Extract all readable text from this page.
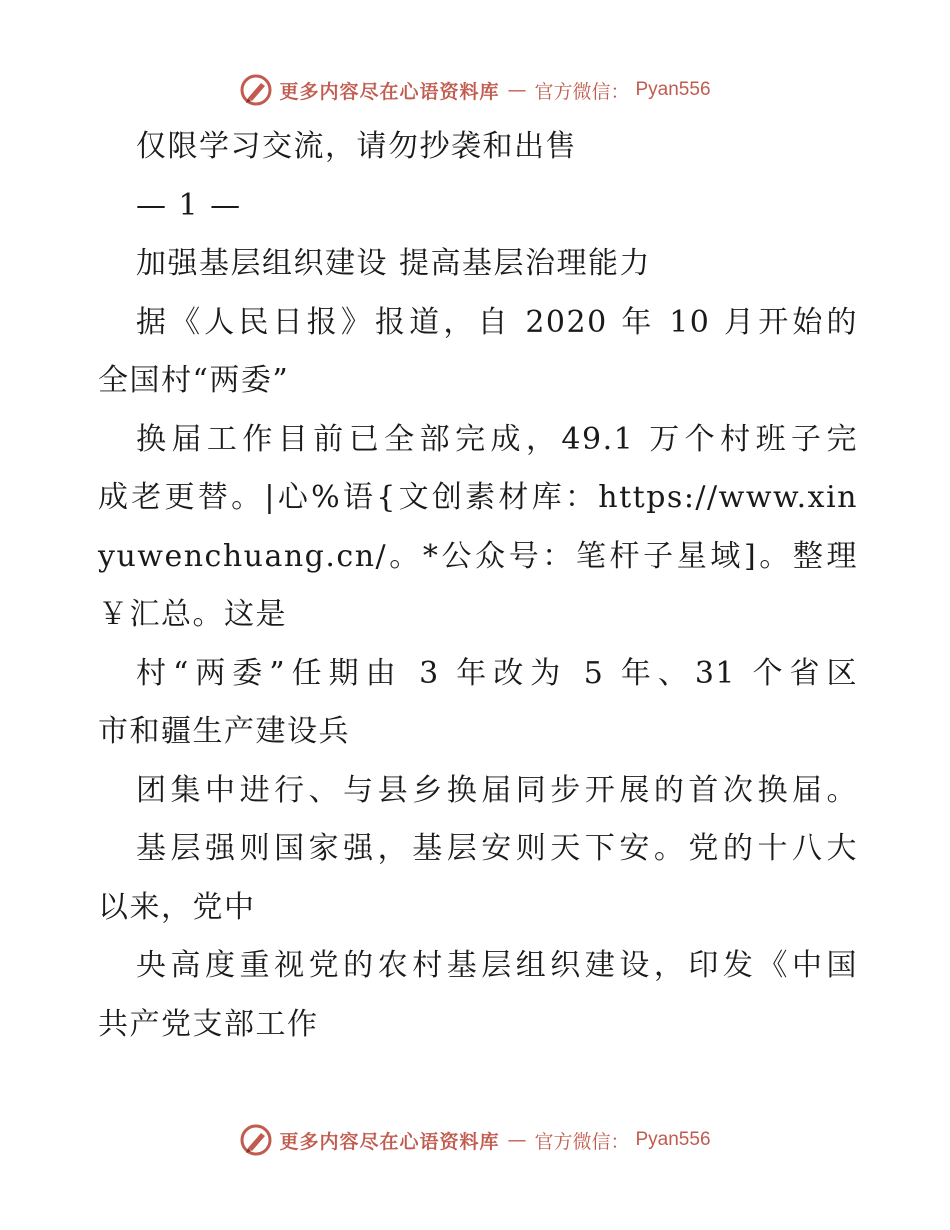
更多内容尽在心语资料库 — 官方微信： Pyan556
仅限学习交流，请勿抄袭和出售
— 1 —
加强基层组织建设 提高基层治理能力
据《人民日报》报道，自 2020 年 10 月开始的
全国村“两委”
换届工作目前已全部完成，49.1 万个村班子完
成老更替。|心%语{文创素材库：https://www.xin
yuwenchuang.cn/。*公众号：笔杆子星域]。整理
￥汇总。这是
村“两委”任期由 3 年改为 5 年、31 个省区
市和疆生产建设兵
团集中进行、与县乡换届同步开展的首次换届。
基层强则国家强，基层安则天下安。党的十八大
以来，党中
央高度重视党的农村基层组织建设，印发《中国
共产党支部工作
更多内容尽在心语资料库 — 官方微信： Pyan556
